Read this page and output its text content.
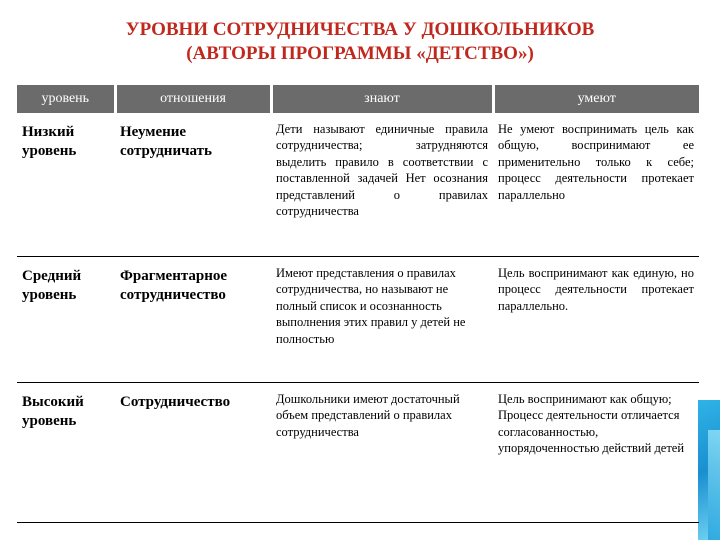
УРОВНИ СОТРУДНИЧЕСТВА У ДОШКОЛЬНИКОВ
(АВТОРЫ ПРОГРАММЫ «ДЕТСТВО»)
уровень	отношения	знают	умеют
Низкий уровень	Неумение сотрудничать	Дети называют единичные правила сотрудничества; затрудняются выделить правило в соответствии с поставленной задачей Нет осознания представлений о правилах сотрудничества	Не умеют воспринимать цель как общую, воспринимают ее применительно только к себе; процесс деятельности протекает параллельно
Средний уровень	Фрагментарное сотрудничество	Имеют представления о правилах сотрудничества, но называют не полный список и осознанность выполнения этих правил у детей не полностью	Цель воспринимают как единую, но процесс деятельности протекает параллельно.
Высокий уровень	Сотрудничество	Дошкольники имеют достаточный объем представлений о правилах сотрудничества	Цель воспринимают как общую; Процесс деятельности отличается согласованностью, упорядоченностью действий детей
